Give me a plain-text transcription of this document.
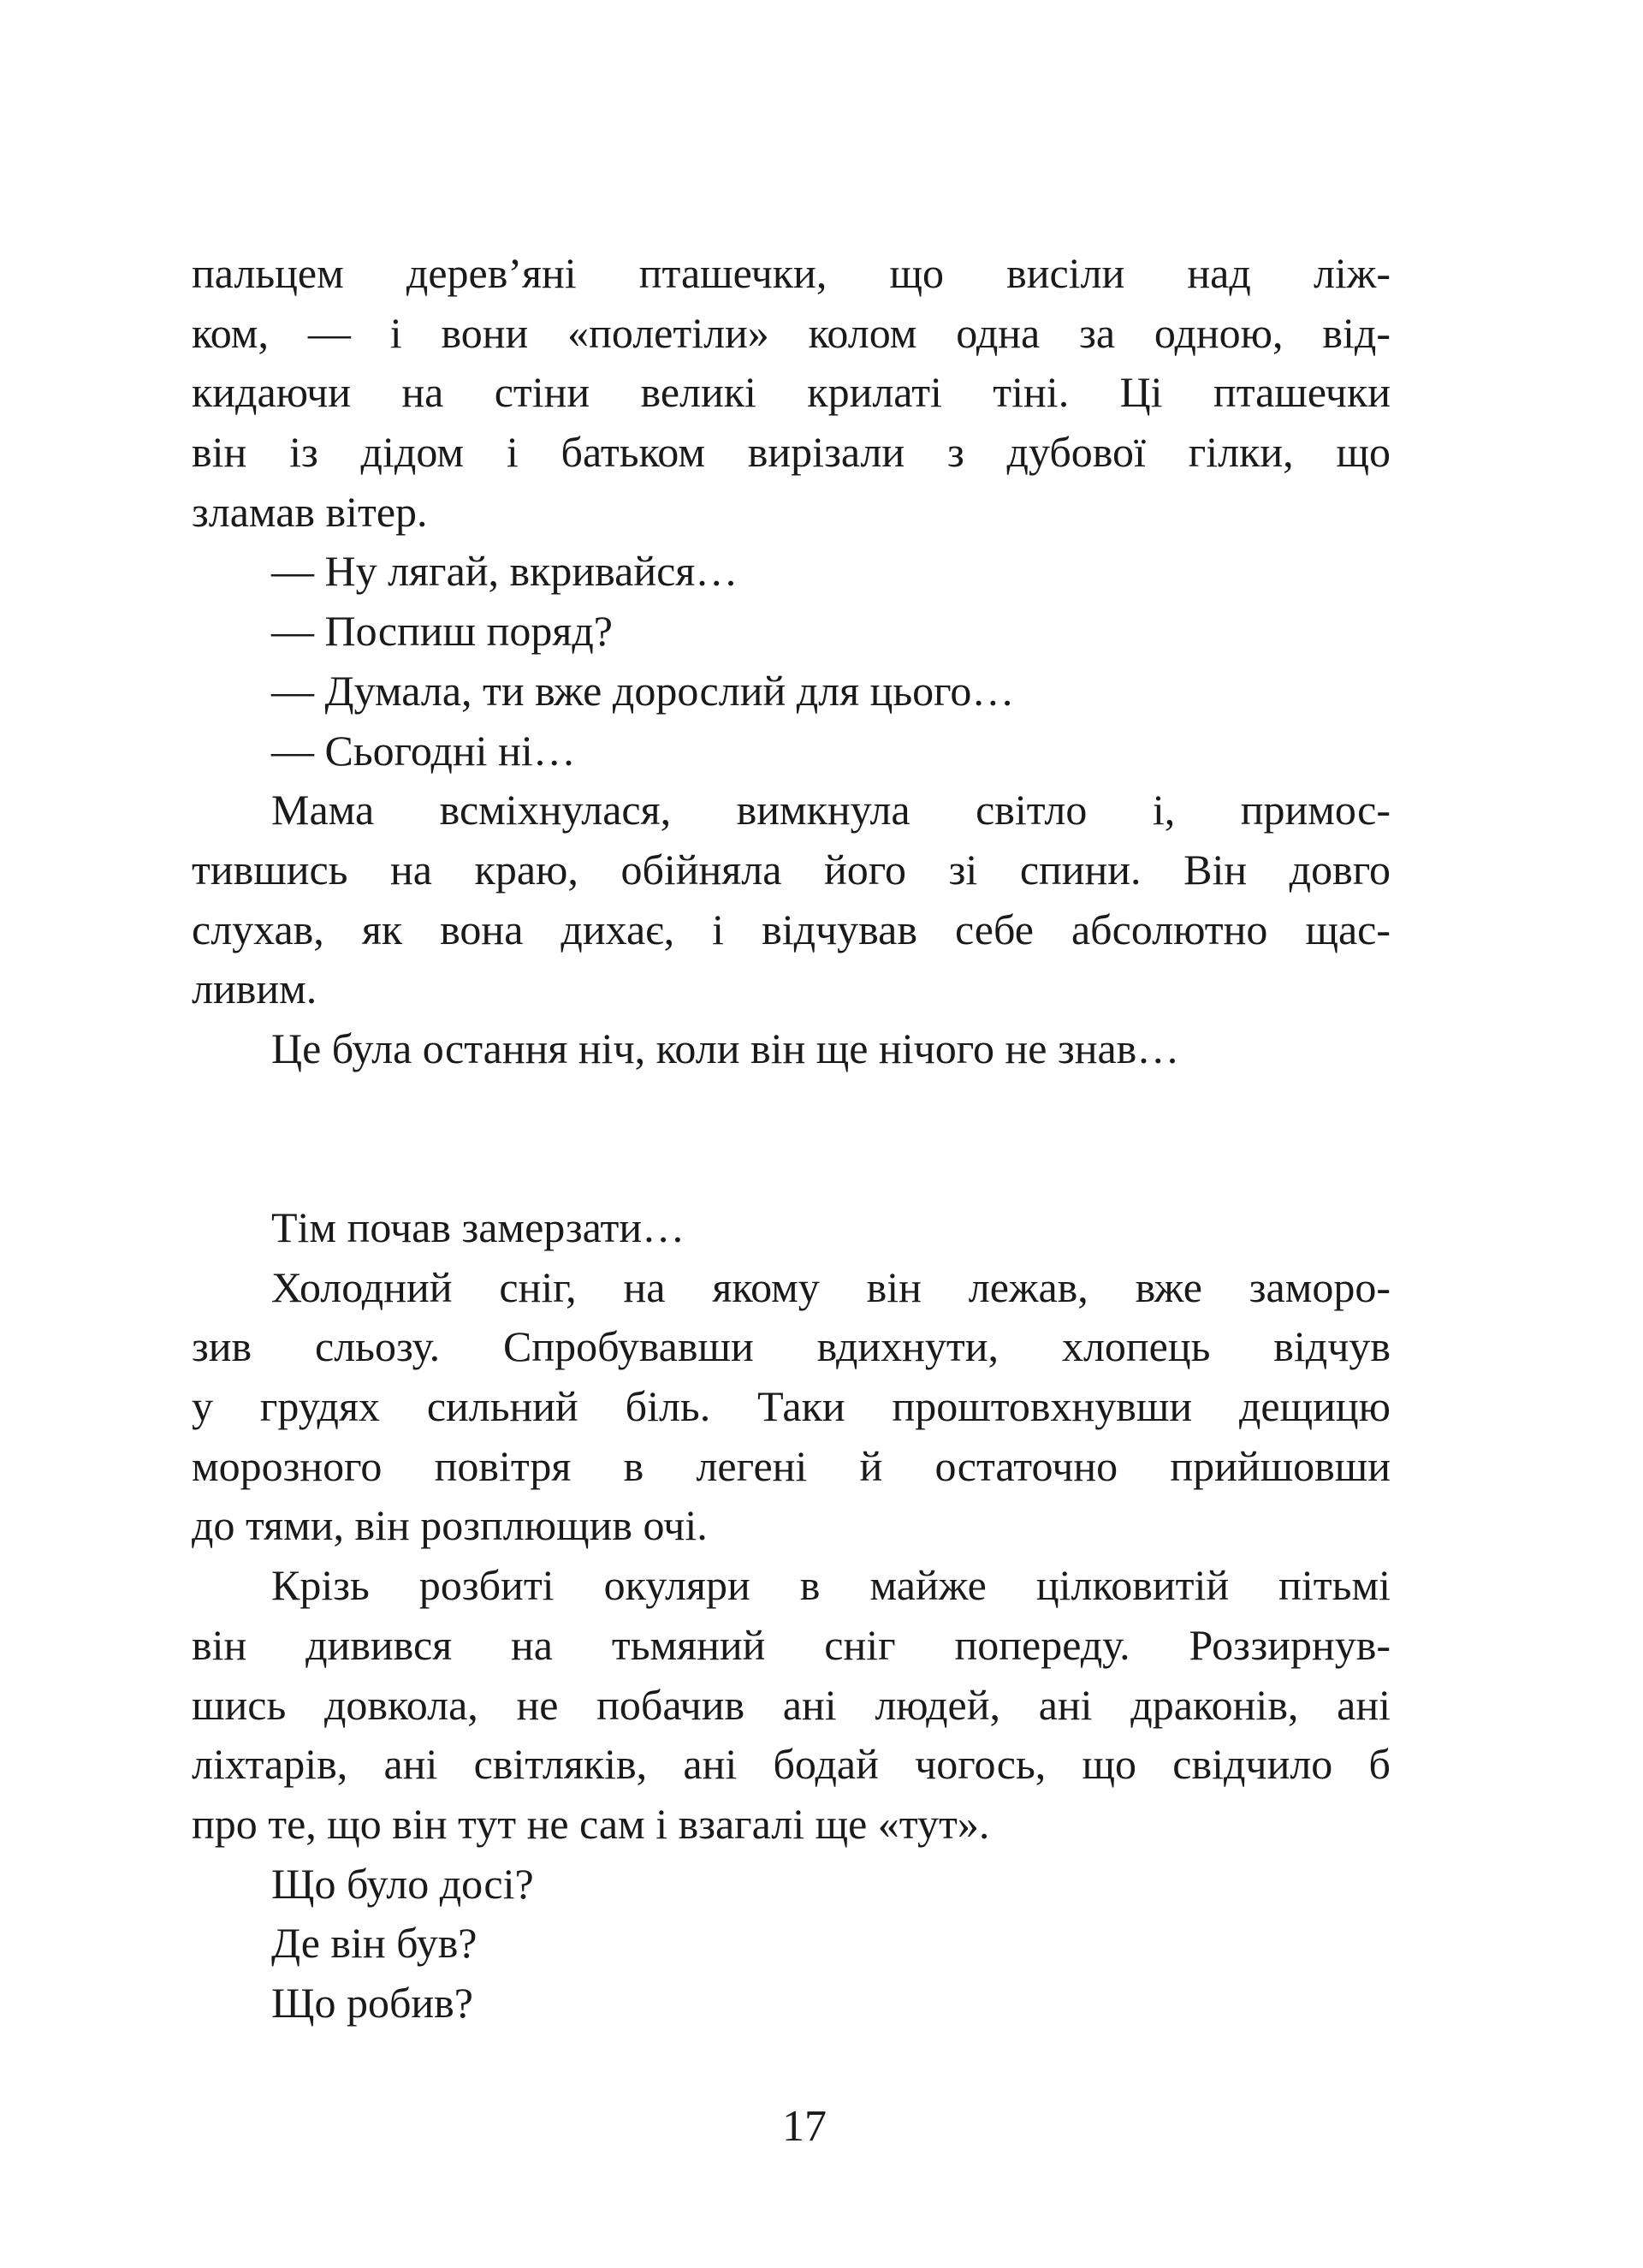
пальцем дерев’яні пташечки, що висіли над ліж-
ком, — і вони «полетіли» колом одна за одною, від-
кидаючи на стіни великі крилаті тіні. Ці пташечки
він із дідом і батьком вирізали з дубової гілки, що
зламав вітер.
— Ну лягай, вкривайся…
— Поспиш поряд?
— Думала, ти вже дорослий для цього…
— Сьогодні ні…
Мама всміхнулася, вимкнула світло і, примос-
тившись на краю, обійняла його зі спини. Він довго
слухав, як вона дихає, і відчував себе абсолютно щас-
ливим.
Це була остання ніч, коли він ще нічого не знав…
Тім почав замерзати…
Холодний сніг, на якому він лежав, вже заморо-
зив сльозу. Спробувавши вдихнути, хлопець відчув
у грудях сильний біль. Таки проштовхнувши дещицю
морозного повітря в легені й остаточно прийшовши
до тями, він розплющив очі.
Крізь розбиті окуляри в майже цілковитій пітьмі
він дивився на тьмяний сніг попереду. Роззирнув-
шись довкола, не побачив ані людей, ані драконів, ані
ліхтарів, ані світляків, ані бодай чогось, що свідчило б
про те, що він тут не сам і взагалі ще «тут».
Що було досі?
Де він був?
Що робив?
17
